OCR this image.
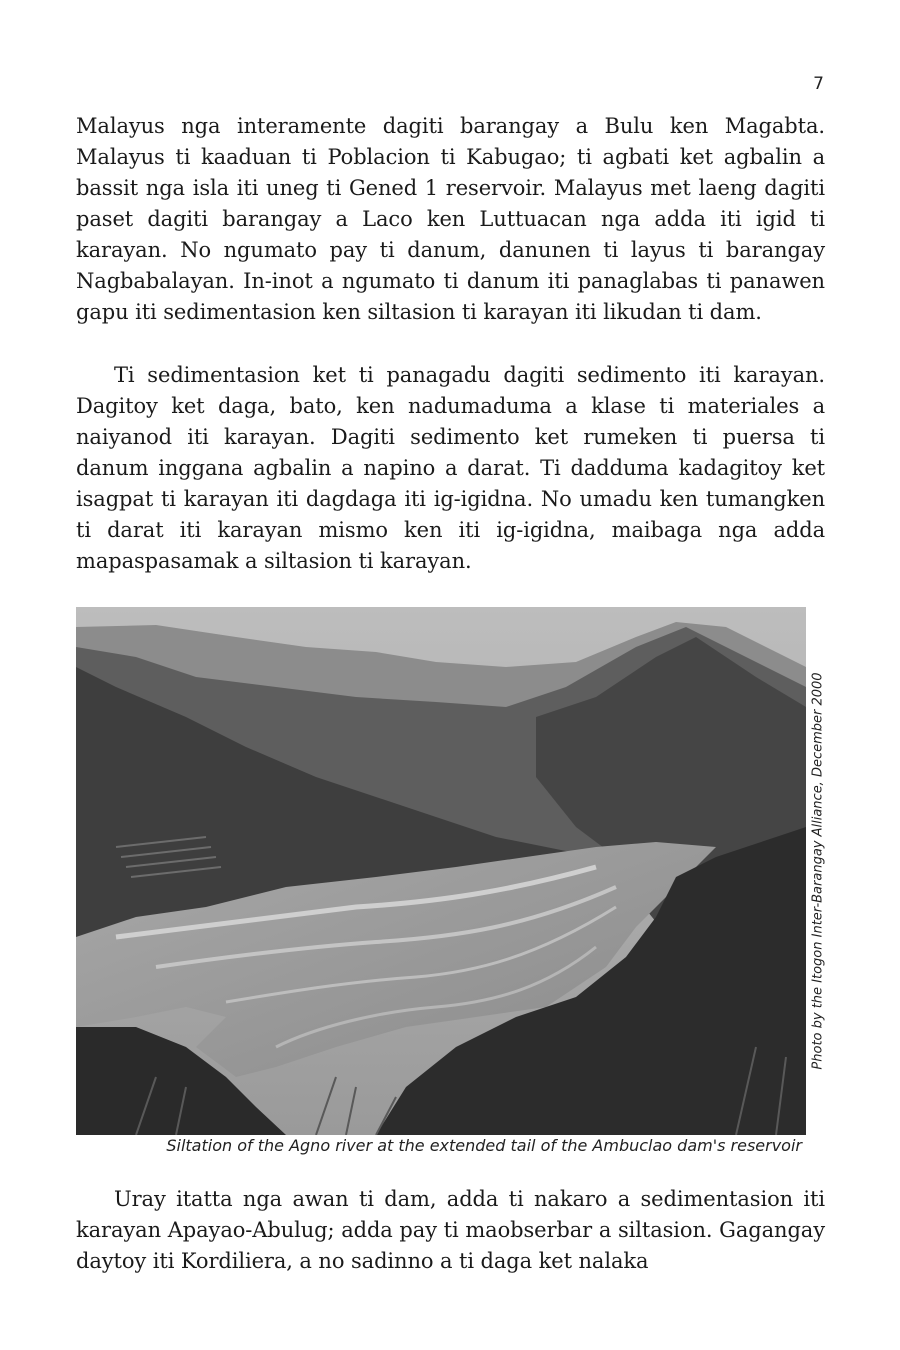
7

Malayus nga interamente dagiti barangay a Bulu ken Magabta. Malayus ti kaaduan ti Poblacion ti Kabugao; ti agbati ket agbalin a bassit nga isla iti uneg ti Gened 1 reservoir. Malayus met laeng dagiti paset dagiti barangay a Laco ken Luttuacan nga adda iti igid ti karayan. No ngumato pay ti danum, danunen ti layus ti barangay Nagbabalayan. In-inot a ngumato ti danum iti panaglabas ti panawen gapu iti sedimentasion ken siltasion ti karayan iti likudan ti dam.

Ti sedimentasion ket ti panagadu dagiti sedimento iti karayan. Dagitoy ket daga, bato, ken nadumaduma a klase ti materiales a naiyanod iti karayan. Dagiti sedimento ket rumeken ti puersa ti danum inggana agbalin a napino a darat. Ti dadduma kadagitoy ket isagpat ti karayan iti dagdaga iti ig-igidna. No umadu ken tumangken ti darat iti karayan mismo ken iti ig-igidna, maibaga nga adda mapaspasamak a siltasion ti karayan.

Photo by the Itogon Inter-Barangay Alliance, December 2000
Siltation of the Agno river at the extended tail of the Ambuclao dam's reservoir

Uray itatta nga awan ti dam, adda ti nakaro a sedimentasion iti karayan Apayao-Abulug; adda pay ti maobserbar a siltasion. Gagangay daytoy iti Kordiliera, a no sadinno a ti daga ket nalaka
